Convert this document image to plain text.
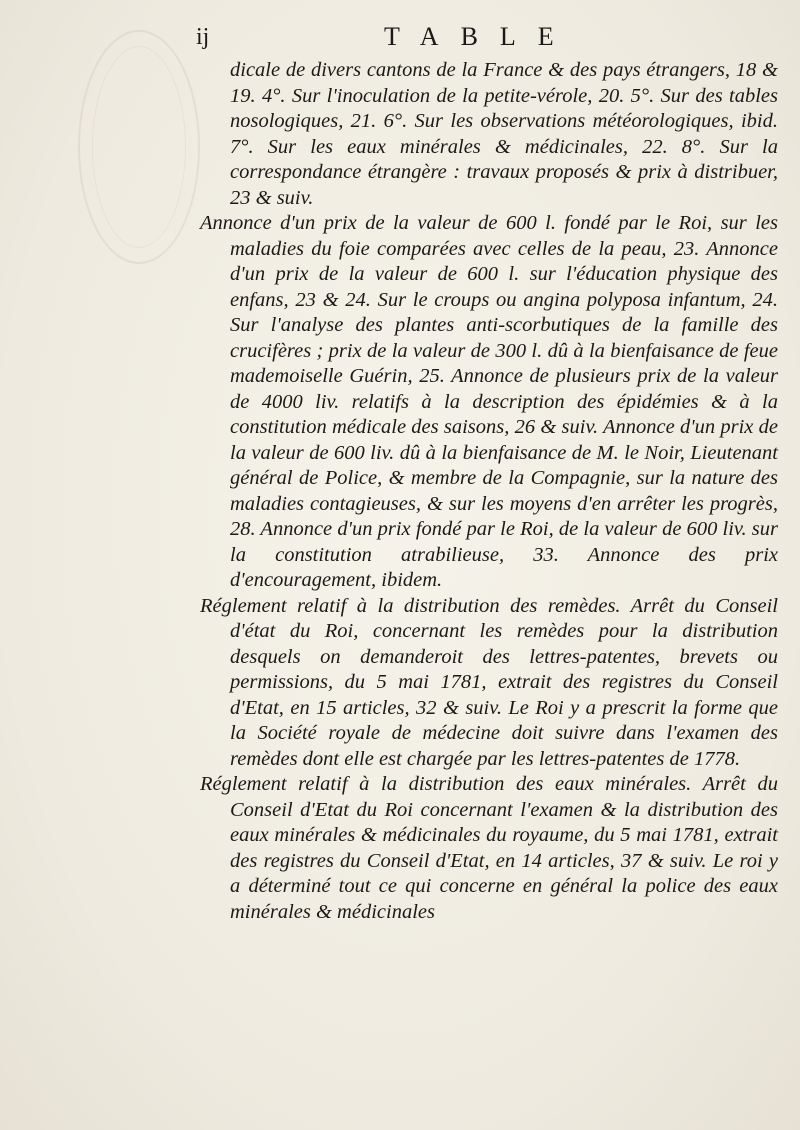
ij	TABLE

dicale de divers cantons de la France & des pays étrangers, 18 & 19. 4°. Sur l'inoculation de la petite-vérole, 20. 5°. Sur des tables nosologiques, 21. 6°. Sur les observations météorologiques, ibid. 7°. Sur les eaux minérales & médicinales, 22. 8°. Sur la correspondance étrangère : travaux proposés & prix à distribuer, 23 & suiv.

Annonce d'un prix de la valeur de 600 l. fondé par le Roi, sur les maladies du foie comparées avec celles de la peau, 23. Annonce d'un prix de la valeur de 600 l. sur l'éducation physique des enfans, 23 & 24. Sur le croups ou angina polyposa infantum, 24. Sur l'analyse des plantes anti-scorbutiques de la famille des crucifères ; prix de la valeur de 300 l. dû à la bienfaisance de feue mademoiselle Guérin, 25. Annonce de plusieurs prix de la valeur de 4000 liv. relatifs à la description des épidémies & à la constitution médicale des saisons, 26 & suiv. Annonce d'un prix de la valeur de 600 liv. dû à la bienfaisance de M. le Noir, Lieutenant général de Police, & membre de la Compagnie, sur la nature des maladies contagieuses, & sur les moyens d'en arrêter les progrès, 28. Annonce d'un prix fondé par le Roi, de la valeur de 600 liv. sur la constitution atrabilieuse, 33. Annonce des prix d'encouragement, ibidem.

Réglement relatif à la distribution des remèdes. Arrêt du Conseil d'état du Roi, concernant les remèdes pour la distribution desquels on demanderoit des lettres-patentes, brevets ou permissions, du 5 mai 1781, extrait des registres du Conseil d'Etat, en 15 articles, 32 & suiv. Le Roi y a prescrit la forme que la Société royale de médecine doit suivre dans l'examen des remèdes dont elle est chargée par les lettres-patentes de 1778.

Réglement relatif à la distribution des eaux minérales. Arrêt du Conseil d'Etat du Roi concernant l'examen & la distribution des eaux minérales & médicinales du royaume, du 5 mai 1781, extrait des registres du Conseil d'Etat, en 14 articles, 37 & suiv. Le roi y a déterminé tout ce qui concerne en général la police des eaux minérales & médicinales
